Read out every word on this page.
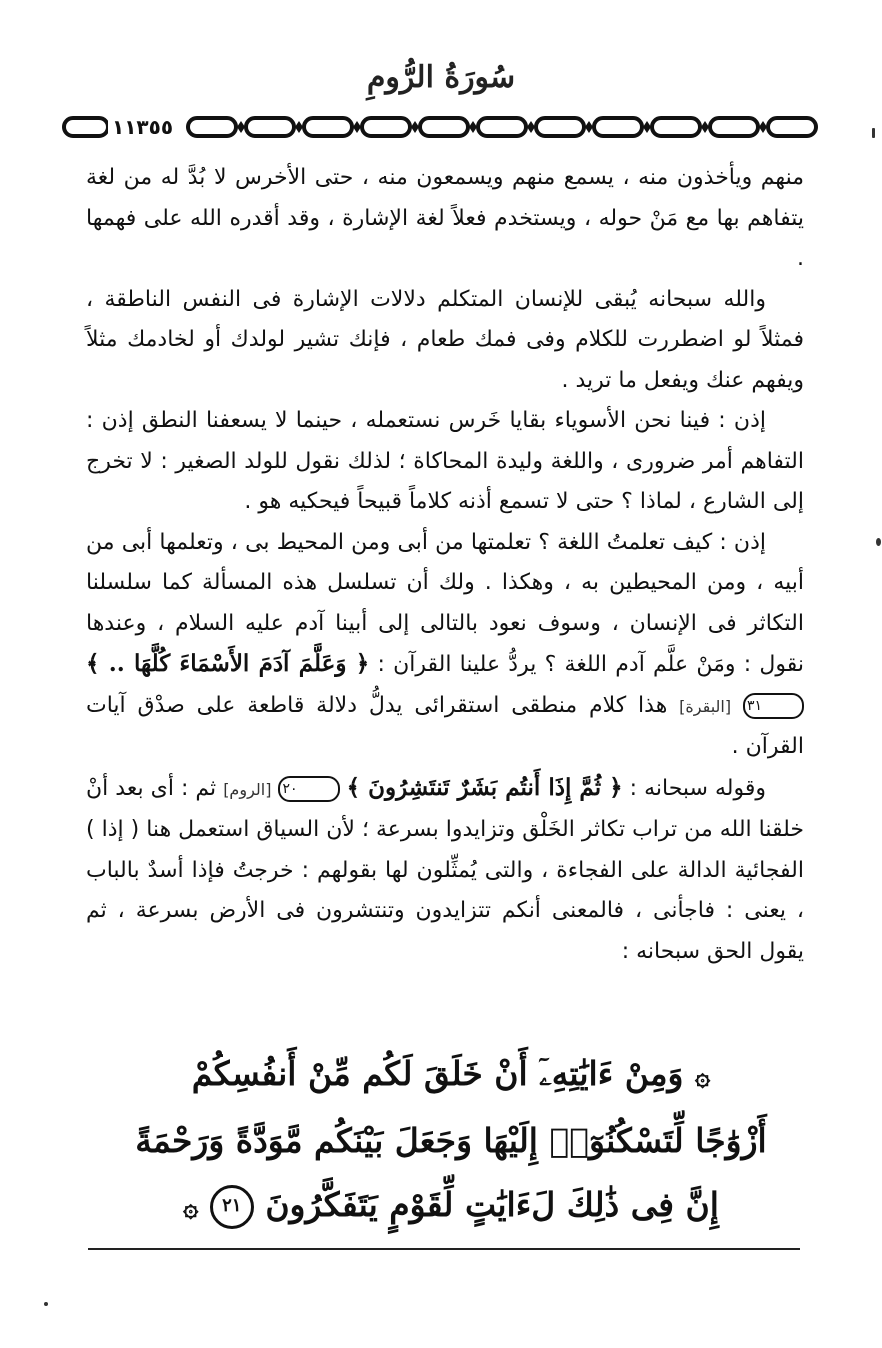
سُورَةُ الرُّومِ
١١٣٥٥

منهم ويأخذون منه ، يسمع منهم ويسمعون منه ، حتى الأخرس لا بُدَّ له من لغة يتفاهم بها مع مَنْ حوله ، ويستخدم فعلاً لغة الإشارة ، وقد أقدره الله على فهمها .

والله سبحانه يُبقى للإنسان المتكلم دلالات الإشارة فى النفس الناطقة ، فمثلاً لو اضطررت للكلام وفى فمك طعام ، فإنك تشير لولدك أو لخادمك مثلاً ويفهم عنك ويفعل ما تريد .

إذن : فينا نحن الأسوياء بقايا خَرس نستعمله ، حينما لا يسعفنا النطق إذن : التفاهم أمر ضرورى ، واللغة وليدة المحاكاة ؛ لذلك نقول للولد الصغير : لا تخرج إلى الشارع ، لماذا ؟ حتى لا تسمع أذنه كلاماً قبيحاً فيحكيه هو .

إذن : كيف تعلمتُ اللغة ؟ تعلمتها من أبى ومن المحيط بى ، وتعلمها أبى من أبيه ، ومن المحيطين به ، وهكذا . ولك أن تسلسل هذه المسألة كما سلسلنا التكاثر فى الإنسان ، وسوف نعود بالتالى إلى أبينا آدم عليه السلام ، وعندها نقول : ومَنْ علَّم آدم اللغة ؟ يردُّ علينا القرآن : ﴿ وَعَلَّمَ آدَمَ الأَسْمَاءَ كُلَّهَا .. ﴾ ٣١ [البقرة] هذا كلام منطقى استقرائى يدلُّ دلالة قاطعة على صدْق آيات القرآن .

وقوله سبحانه : ﴿ ثُمَّ إِذَا أَنتُم بَشَرٌ تَنتَشِرُونَ ﴾ ٢٠ [الروم] ثم : أى بعد أنْ خلقنا الله من تراب تكاثر الخَلْق وتزايدوا بسرعة ؛ لأن السياق استعمل هنا ( إذا ) الفجائية الدالة على الفجاءة ، والتى يُمثِّلون لها بقولهم : خرجتُ فإذا أسدٌ بالباب ، يعنى : فاجأنى ، فالمعنى أنكم تتزايدون وتنتشرون فى الأرض بسرعة ، ثم يقول الحق سبحانه :

۞ وَمِنْ ءَايَٰتِهِۦٓ أَنْ خَلَقَ لَكُم مِّنْ أَنفُسِكُمْ
أَزْوَٰجًا لِّتَسْكُنُوٓا۟ إِلَيْهَا وَجَعَلَ بَيْنَكُم مَّوَدَّةً وَرَحْمَةً
إِنَّ فِى ذَٰلِكَ لَءَايَٰتٍ لِّقَوْمٍ يَتَفَكَّرُونَ ٢١ ۞
